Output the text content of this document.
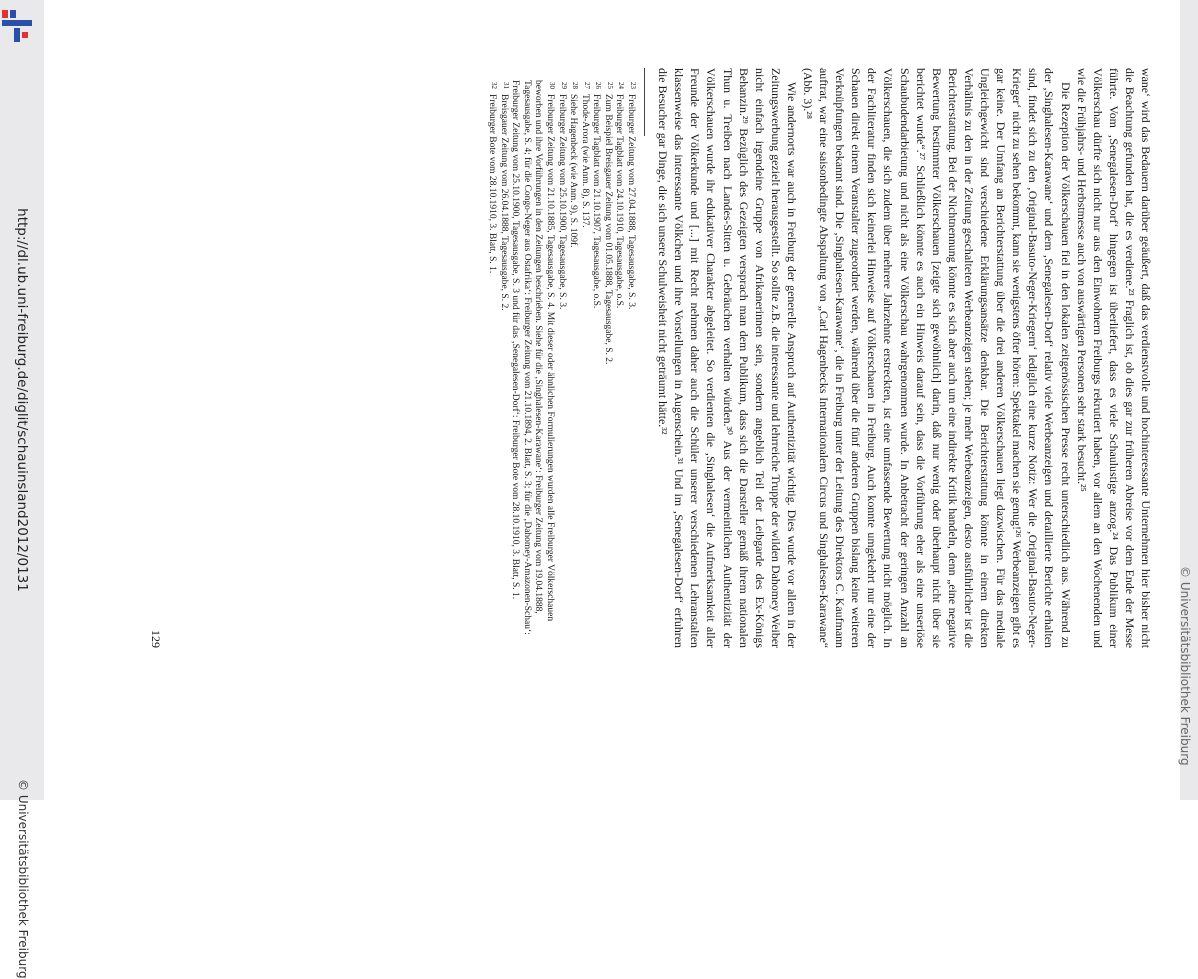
http://dl.ub.uni-freiburg.de/diglit/schauinsland2012/0131
© Universitätsbibliothek Freiburg
© Universitätsbibliothek Freiburg

wane‘ wird das Bedauern darüber geäußert, daß das verdienstvolle und hochinteressante Unternehmen hier bisher nicht die Beachtung gefunden hat, die es verdiene.²³ Fraglich ist, ob dies gar zur früheren Abreise vor dem Ende der Messe führte. Vom ‚Senegalesen-Dorf‘ hingegen ist überliefert, dass es viele Schaulustige anzog.²⁴ Das Publikum einer Völkerschau dürfte sich nicht nur aus den Einwohnern Freiburgs rekrutiert haben, vor allem an den Wochenenden und wie die Frühjahrs- und Herbstmesse auch von auswärtigen Personen sehr stark besucht.²⁵

Die Rezeption der Völkerschauen fiel in den lokalen zeitgenössischen Presse recht unterschiedlich aus. Während zu der ‚Singhalesen-Karawane‘ und dem ‚Senegalesen-Dorf‘ relativ viele Werbeanzeigen und detaillierte Berichte erhalten sind, findet sich zu den ‚Original-Basuto-Neger-Kriegern‘ lediglich eine kurze Notiz: Wer die ‚Original-Basuto-Neger-Krieger‘ nicht zu sehen bekommt, kann sie wenigstens öfter hören: Spektakel machen sie genug!²⁶ Werbeanzeigen gibt es gar keine. Der Umfang an Berichterstattung über die drei anderen Völkerschauen liegt dazwischen. Für das mediale Ungleichgewicht sind verschiedene Erklärungsansätze denkbar. Die Berichterstattung könnte in einem direkten Verhältnis zu den in der Zeitung geschalteten Werbeanzeigen stehen; je mehr Werbeanzeigen, desto ausführlicher ist die Berichterstattung. Bei der Nichtnennung könnte es sich aber auch um eine indirekte Kritik handeln, denn „eine negative Bewertung bestimmter Völkerschauen [zeigte sich gewöhnlich] darin, daß nur wenig oder überhaupt nicht über sie berichtet wurde“.²⁷ Schließlich könnte es auch ein Hinweis darauf sein, dass die Vorführung eher als eine unseriöse Schaubudendarbietung und nicht als eine Völkerschau wahrgenommen wurde. In Anbetracht der geringen Anzahl an Völkerschauen, die sich zudem über mehrere Jahrzehnte erstreckten, ist eine umfassende Bewertung nicht möglich. In der Fachliteratur finden sich keinerlei Hinweise auf Völkerschauen in Freiburg. Auch konnte umgekehrt nur eine der Schauen direkt einem Veranstalter zugeordnet werden, während über die fünf anderen Gruppen bislang keine weiteren Verknüpfungen bekannt sind. Die ‚Singhalesen-Karawane‘, die in Freiburg unter der Leitung des Direktors C. Kaufmann auftrat, war eine saisonbedingte Abspaltung von „Carl Hagenbecks Internationalem Circus und Singhalesen-Karawane“ (Abb. 3).²⁸

Wie andernorts war auch in Freiburg der generelle Anspruch auf Authentizität wichtig. Dies wurde vor allem in der Zeitungswerbung gezielt herausgestellt. So sollte z.B. die interessante und lehrreiche Truppe der wilden Dahomey Weiber nicht einfach irgendeine Gruppe von Afrikanerinnen sein, sondern angeblich Teil der Leibgarde des Ex-Königs Behanzin.²⁹ Bezüglich des Gezeigten versprach man dem Publikum, dass sich die Darsteller gemäß ihrem nationalen Thun u. Treiben nach Landes-Sitten u. Gebräuchen verhalten würden.³⁰ Aus der vermeintlichen Authentizität der Völkerschauen wurde ihr edukativer Charakter abgeleitet. So verdienten die ‚Singhalesen‘ die Aufmerksamkeit aller Freunde der Völkerkunde und [...] mit Recht nehmen daher auch die Schüler unserer verschiedenen Lehranstalten klassenweise das interessante Völkchen und ihre Vorstellungen in Augenschein.³¹ Und im ‚Senegalesen-Dorf‘ erfuhren die Besucher gar Dinge, die sich unsere Schulweisheit nicht geträumt hätte.³²

23
Freiburger Zeitung vom 27.04.1888, Tagesausgabe, S. 3.

24
Freiburger Tagblatt vom 24.10.1910, Tagesausgabe, o.S.

25
Zum Beispiel Breisgauer Zeitung vom 01.05.1888, Tagesausgabe, S. 2.

26
Freiburger Tagblatt vom 21.10.1907, Tagesausgabe, o.S.

27
Thode-Arora (wie Anm. 8), S. 137.

28
Siehe Hagenbeck (wie Anm. 9), S. 109f.

29
Freiburger Zeitung vom 25.10.1900, Tagesausgabe, S. 3.

30
Freiburger Zeitung vom 21.10.1885, Tagesausgabe, S. 4. Mit dieser oder ähnlichen Formulierungen wurden alle Freiburger Völkerschauen beworben und ihre Vorführungen in den Zeitungen beschrieben. Siehe für die ‚Singhalesen-Karawane‘: Freiburger Zeitung vom 19.04.1888, Tagesausgabe, S. 4; für die Congo-Neger aus Ostafrika‘: Freiburger Zeitung vom 21.10.1894, 2. Blatt, S. 3; für die ‚Dahomey-Amazonen-Schau‘: Freiburger Zeitung vom 25.10.1900, Tagesausgabe, S. 3 und für das ‚Senegalesen-Dorf‘: Freiburger Bote vom 28.10.1910, 3. Blatt, S. 1.

31
Breisgauer Zeitung vom 26.04.1888, Tagesausgabe, S. 2.

32
Freiburger Bote vom 28.10.1910, 3. Blatt, S. 1.

129
